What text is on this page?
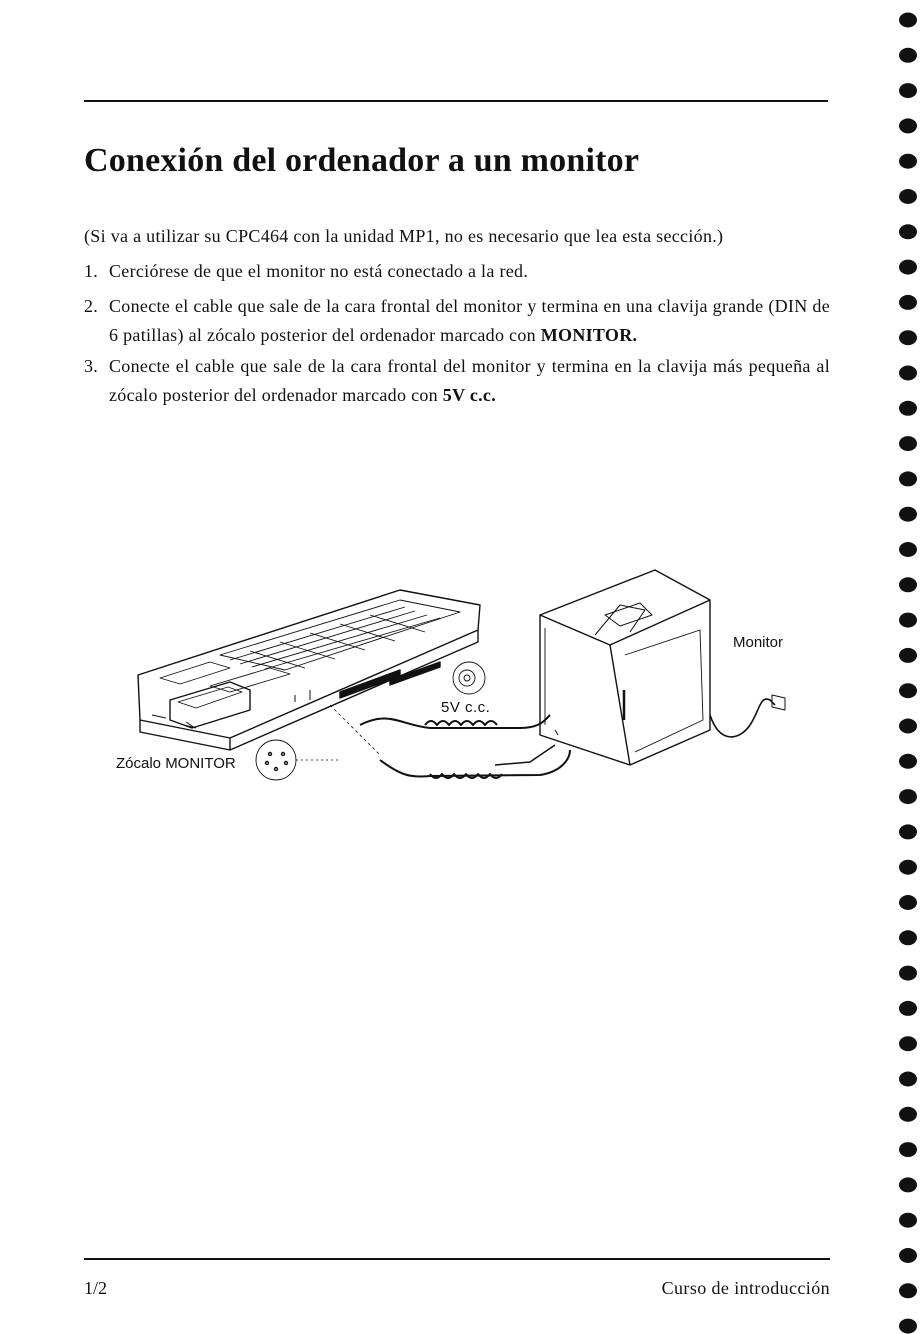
Conexión del ordenador a un monitor

(Si va a utilizar su CPC464 con la unidad MP1, no es necesario que lea esta sección.)

1. Cerciórese de que el monitor no está conectado a la red.
2. Conecte el cable que sale de la cara frontal del monitor y termina en una clavija grande (DIN de 6 patillas) al zócalo posterior del ordenador marcado con MONITOR.
3. Conecte el cable que sale de la cara frontal del monitor y termina en la clavija más pequeña al zócalo posterior del ordenador marcado con 5V c.c.
Monitor
5V c.c.
Zócalo MONITOR
1/2	Curso de introducción
